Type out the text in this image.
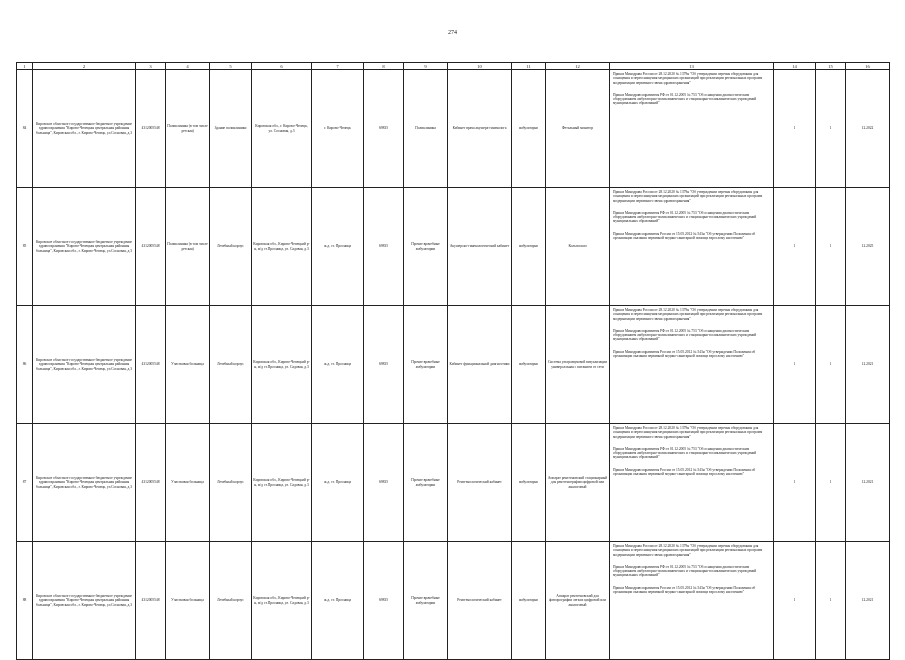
274
1	2	3	4	5	6	7	8	9	10	11	12	13	14	15	16
84	Кировское областное государственное бюджетное учреждение здравоохранения "Кирово-Чепецкая центральная районная больница", Кировская обл., г. Кирово-Чепецк, ул.Сосновая, д.3	4312005548	Поликлиника (в том числе детская)	Здание поликлиники	Кировская обл., г. Кирово-Чепецк, ул. Сосновая, д.3	г. Кирово-Чепецк	69835	Поликлиника	Кабинет врача акушера-гинеколога	амбулаторно	Фетальный монитор	Приказ Минздрава России от 28.12.2020 № 1379н "Об утверждении перечня оборудования для оснащения и переоснащения медицинских организаций при реализации региональных программ модернизации первичного звена здравоохранения"
Приказ Минздравсоцразвития РФ от 01.12.2005 № 753 "Об оснащении диагностическим оборудованием амбулаторно-поликлинических и стационарно-поликлинических учреждений муниципальных образований"	1	1	12.2022
85	Кировское областное государственное бюджетное учреждение здравоохранения "Кирово-Чепецкая центральная районная больница", Кировская обл., г. Кирово-Чепецк, ул.Сосновая, д.3	4312005548	Поликлиника (в том числе детская)	Лечебный корпус	Кировская обл., Кирово-Чепецкий р-н, м/д ст.Просница, ул. Садовая, д.3	ж.д. ст. Просница	69835	Прочие врачебные амбулатории	Акушерско-гинекологический кабинет	амбулаторно	Кольпоскоп	Приказ Минздрава России от 28.12.2020 № 1379н "Об утверждении перечня оборудования для оснащения и переоснащения медицинских организаций при реализации региональных программ модернизации первичного звена здравоохранения"
Приказ Минздравсоцразвития РФ от 01.12.2005 № 753 "Об оснащении диагностическим оборудованием амбулаторно-поликлинических и стационарно-поликлинических учреждений муниципальных образований"
Приказ Минздравсоцразвития России от 15.05.2012 № 543н "Об утверждении Положения об организации оказания первичной медико-санитарной помощи взрослому населению"	1	1	12.2025
86	Кировское областное государственное бюджетное учреждение здравоохранения "Кирово-Чепецкая центральная районная больница", Кировская обл., г. Кирово-Чепецк, ул.Сосновая, д.3	4312005548	Участковая больница	Лечебный корпус	Кировская обл., Кирово-Чепецкий р-н, м/д ст.Просница, ул. Садовая, д.3	ж.д. ст. Просница	69835	Прочие врачебные амбулатории	Кабинет функциональной диагностики	амбулаторно	Система ультразвуковой визуализации универсальная с питанием от сети	Приказ Минздрава России от 28.12.2020 № 1379н "Об утверждении перечня оборудования для оснащения и переоснащения медицинских организаций при реализации региональных программ модернизации первичного звена здравоохранения"
Приказ Минздравсоцразвития РФ от 01.12.2005 № 753 "Об оснащении диагностическим оборудованием амбулаторно-поликлинических и стационарно-поликлинических учреждений муниципальных образований"
Приказ Минздравсоцразвития России от 15.05.2012 № 543н "Об утверждении Положения об организации оказания первичной медико-санитарной помощи взрослому населению"	1	1	12.2021
87	Кировское областное государственное бюджетное учреждение здравоохранения "Кирово-Чепецкая центральная районная больница", Кировская обл., г. Кирово-Чепецк, ул.Сосновая, д.3	4312005548	Участковая больница	Лечебный корпус	Кировская обл., Кирово-Чепецкий р-н, м/д ст.Просница, ул. Садовая, д.3	ж.д. ст. Просница	69835	Прочие врачебные амбулатории	Рентгенологический кабинет	амбулаторно	Аппарат рентгеновский стационарный для рентгенографии цифровой или аналоговый	Приказ Минздрава России от 28.12.2020 № 1379н "Об утверждении перечня оборудования для оснащения и переоснащения медицинских организаций при реализации региональных программ модернизации первичного звена здравоохранения"
Приказ Минздравсоцразвития РФ от 01.12.2005 № 753 "Об оснащении диагностическим оборудованием амбулаторно-поликлинических и стационарно-поликлинических учреждений муниципальных образований"
Приказ Минздравсоцразвития России от 15.05.2012 № 543н "Об утверждении Положения об организации оказания первичной медико-санитарной помощи взрослому населению"	1	1	12.2021
88	Кировское областное государственное бюджетное учреждение здравоохранения "Кирово-Чепецкая центральная районная больница", Кировская обл., г. Кирово-Чепецк, ул.Сосновая, д.3	4312005548	Участковая больница	Лечебный корпус	Кировская обл., Кирово-Чепецкий р-н, м/д ст.Просница, ул. Садовая, д.3	ж.д. ст. Просница	69835	Прочие врачебные амбулатории	Рентгенологический кабинет	амбулаторно	Аппарат рентгеновский для флюорографии легких цифровой или аналоговый	Приказ Минздрава России от 28.12.2020 № 1379н "Об утверждении перечня оборудования для оснащения и переоснащения медицинских организаций при реализации региональных программ модернизации первичного звена здравоохранения"
Приказ Минздравсоцразвития РФ от 01.12.2005 № 753 "Об оснащении диагностическим оборудованием амбулаторно-поликлинических и стационарно-поликлинических учреждений муниципальных образований"
Приказ Минздравсоцразвития России от 15.05.2012 № 543н "Об утверждении Положения об организации оказания первичной медико-санитарной помощи взрослому населению"	1	1	12.2021
